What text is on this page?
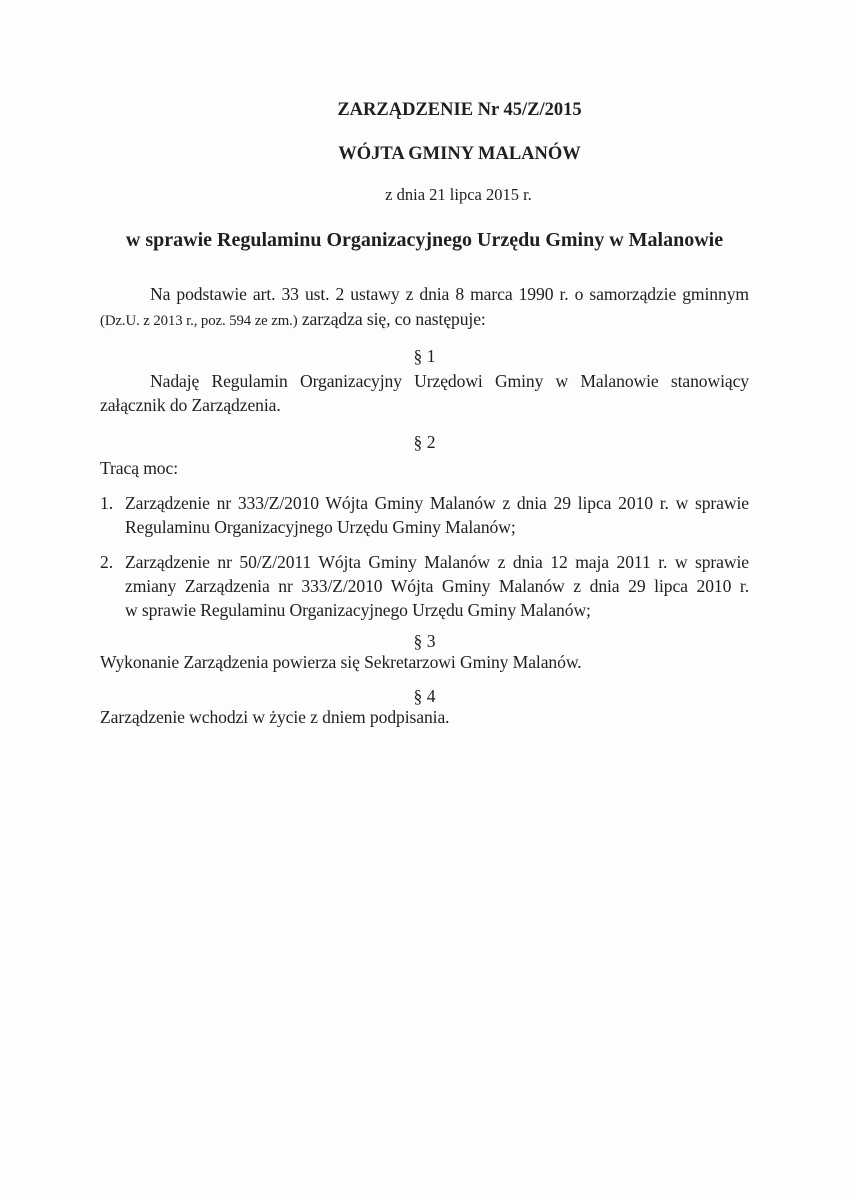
ZARZĄDZENIE Nr 45/Z/2015
WÓJTA GMINY MALANÓW
z dnia 21 lipca 2015 r.
w sprawie Regulaminu Organizacyjnego Urzędu Gminy w Malanowie

Na podstawie art. 33 ust. 2 ustawy z dnia 8 marca 1990 r. o samorządzie gminnym (Dz.U. z 2013 r., poz. 594 ze zm.) zarządza się, co następuje:

§ 1

Nadaję Regulamin Organizacyjny Urzędowi Gminy w Malanowie stanowiący załącznik do Zarządzenia.

§ 2

Tracą moc:

1. Zarządzenie nr 333/Z/2010 Wójta Gminy Malanów z dnia 29 lipca 2010 r. w sprawie Regulaminu Organizacyjnego Urzędu Gminy Malanów;

2. Zarządzenie nr 50/Z/2011 Wójta Gminy Malanów z dnia 12 maja 2011 r. w sprawie zmiany Zarządzenia nr 333/Z/2010 Wójta Gminy Malanów z dnia 29 lipca 2010 r. w sprawie Regulaminu Organizacyjnego Urzędu Gminy Malanów;

§ 3

Wykonanie Zarządzenia powierza się Sekretarzowi Gminy Malanów.

§ 4

Zarządzenie wchodzi w życie z dniem podpisania.
